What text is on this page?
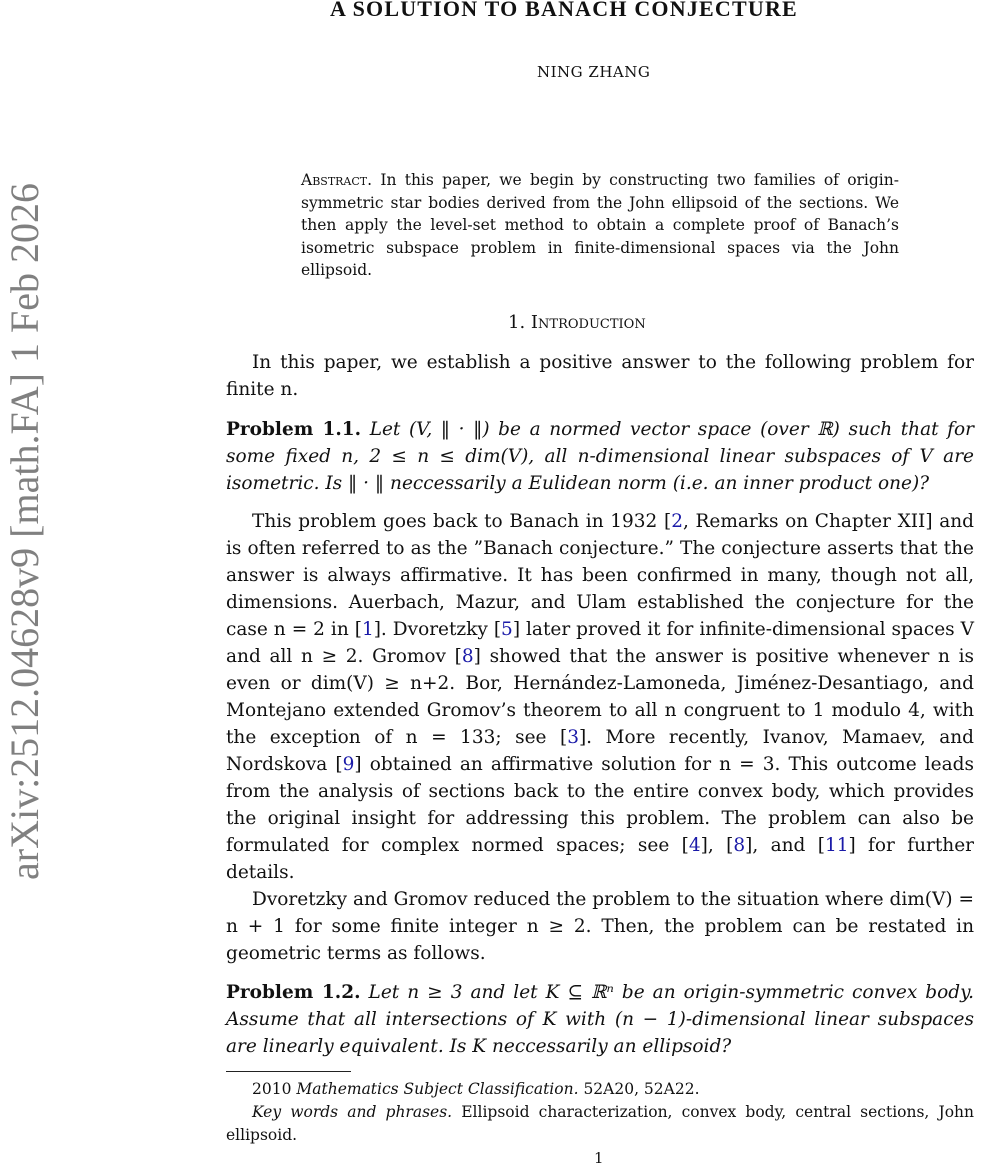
arXiv:2512.04628v9 [math.FA] 1 Feb 2026
A SOLUTION TO BANACH CONJECTURE
NING ZHANG
Abstract. In this paper, we begin by constructing two families of origin-symmetric star bodies derived from the John ellipsoid of the sections. We then apply the level-set method to obtain a complete proof of Banach’s isometric subspace problem in finite-dimensional spaces via the John ellipsoid.
1. Introduction
In this paper, we establish a positive answer to the following problem for finite n.
Problem 1.1. Let (V, ‖ · ‖) be a normed vector space (over ℝ) such that for some fixed n, 2 ≤ n ≤ dim(V), all n-dimensional linear subspaces of V are isometric. Is ‖ · ‖ neccessarily a Eulidean norm (i.e. an inner product one)?
This problem goes back to Banach in 1932 [2, Remarks on Chapter XII] and is often referred to as the ”Banach conjecture.” The conjecture asserts that the answer is always affirmative. It has been confirmed in many, though not all, dimensions. Auerbach, Mazur, and Ulam established the conjecture for the case n = 2 in [1]. Dvoretzky [5] later proved it for infinite-dimensional spaces V and all n ≥ 2. Gromov [8] showed that the answer is positive whenever n is even or dim(V) ≥ n+2. Bor, Hernández-Lamoneda, Jiménez-Desantiago, and Montejano extended Gromov’s theorem to all n congruent to 1 modulo 4, with the exception of n = 133; see [3]. More recently, Ivanov, Mamaev, and Nordskova [9] obtained an affirmative solution for n = 3. This outcome leads from the analysis of sections back to the entire convex body, which provides the original insight for addressing this problem. The problem can also be formulated for complex normed spaces; see [4], [8], and [11] for further details.
Dvoretzky and Gromov reduced the problem to the situation where dim(V) = n + 1 for some finite integer n ≥ 2. Then, the problem can be restated in geometric terms as follows.
Problem 1.2. Let n ≥ 3 and let K ⊆ ℝⁿ be an origin-symmetric convex body. Assume that all intersections of K with (n − 1)-dimensional linear subspaces are linearly equivalent. Is K neccessarily an ellipsoid?
2010 Mathematics Subject Classification. 52A20, 52A22.
Key words and phrases. Ellipsoid characterization, convex body, central sections, John ellipsoid.
1
